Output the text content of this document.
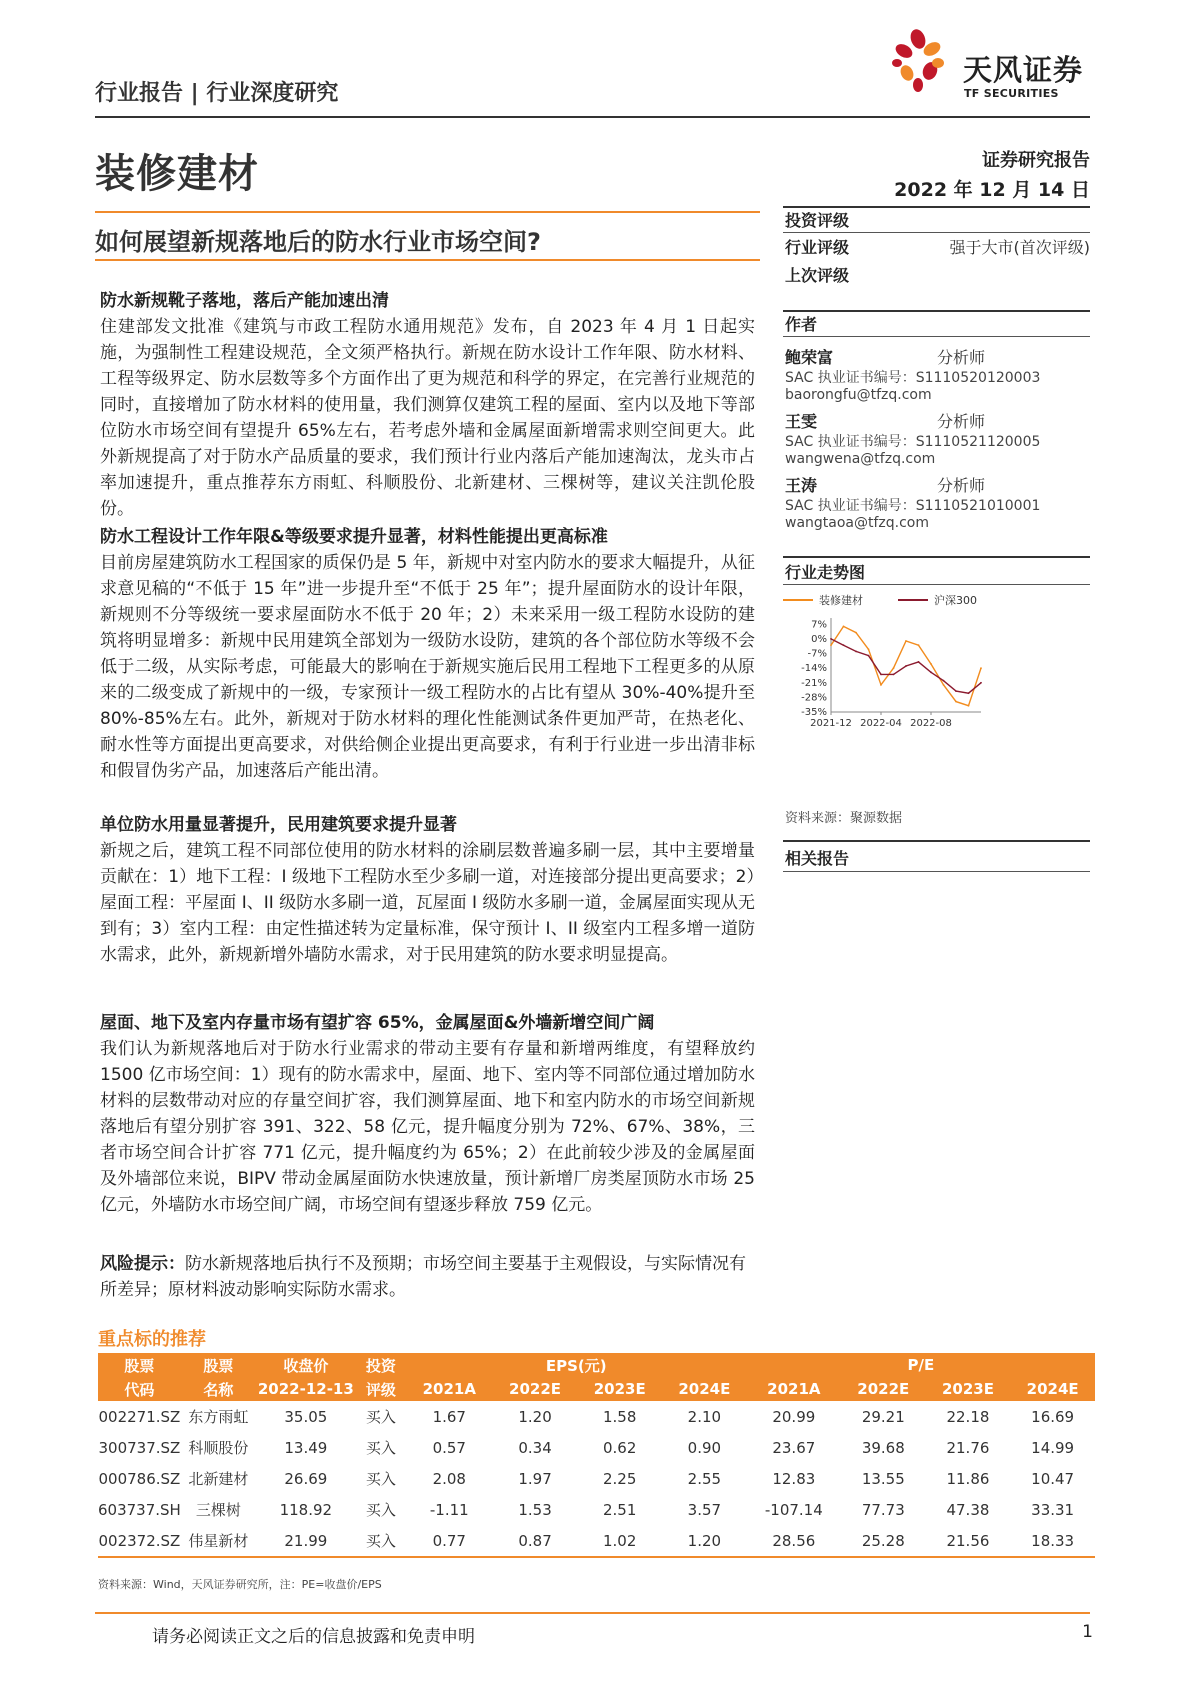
行业报告 | 行业深度研究
装修建材
天风证券
TF SECURITIES
证券研究报告
2022 年 12 月 14 日
如何展望新规落地后的防水行业市场空间?
投资评级
行业评级	强于大市(首次评级)
上次评级
作者
鲍荣富	分析师
SAC 执业证书编号：S1110520120003
baorongfu@tfzq.com
王雯	分析师
SAC 执业证书编号：S1110521120005
wangwena@tfzq.com
王涛	分析师
SAC 执业证书编号：S1110521010001
wangtaoa@tfzq.com
行业走势图
7%
0%
-7%
-14%
-21%
-28%
-35%
2021-12 2022-04 2022-08
装修建材	沪深300
资料来源：聚源数据
相关报告
防水新规靴子落地，落后产能加速出清
住建部发文批准《建筑与市政工程防水通用规范》发布，自 2023 年 4 月 1 日起实施，为强制性工程建设规范，全文须严格执行。新规在防水设计工作年限、防水材料、工程等级界定、防水层数等多个方面作出了更为规范和科学的界定，在完善行业规范的同时，直接增加了防水材料的使用量，我们测算仅建筑工程的屋面、室内以及地下等部位防水市场空间有望提升 65%左右，若考虑外墙和金属屋面新增需求则空间更大。此外新规提高了对于防水产品质量的要求，我们预计行业内落后产能加速淘汰，龙头市占率加速提升，重点推荐东方雨虹、科顺股份、北新建材、三棵树等，建议关注凯伦股份。
防水工程设计工作年限&等级要求提升显著，材料性能提出更高标准
目前房屋建筑防水工程国家的质保仍是 5 年，新规中对室内防水的要求大幅提升，从征求意见稿的“不低于 15 年”进一步提升至“不低于 25 年”；提升屋面防水的设计年限，新规则不分等级统一要求屋面防水不低于 20 年；2）未来采用一级工程防水设防的建筑将明显增多：新规中民用建筑全部划为一级防水设防，建筑的各个部位防水等级不会低于二级，从实际考虑，可能最大的影响在于新规实施后民用工程地下工程更多的从原来的二级变成了新规中的一级，专家预计一级工程防水的占比有望从 30%-40%提升至 80%-85%左右。此外，新规对于防水材料的理化性能测试条件更加严苛，在热老化、耐水性等方面提出更高要求，对供给侧企业提出更高要求，有利于行业进一步出清非标和假冒伪劣产品，加速落后产能出清。
单位防水用量显著提升，民用建筑要求提升显著
新规之后，建筑工程不同部位使用的防水材料的涂刷层数普遍多刷一层，其中主要增量贡献在：1）地下工程：I 级地下工程防水至少多刷一道，对连接部分提出更高要求；2）屋面工程：平屋面 I、II 级防水多刷一道，瓦屋面 I 级防水多刷一道，金属屋面实现从无到有；3）室内工程：由定性描述转为定量标准，保守预计 I、II 级室内工程多增一道防水需求，此外，新规新增外墙防水需求，对于民用建筑的防水要求明显提高。
屋面、地下及室内存量市场有望扩容 65%，金属屋面&外墙新增空间广阔
我们认为新规落地后对于防水行业需求的带动主要有存量和新增两维度，有望释放约 1500 亿市场空间：1）现有的防水需求中，屋面、地下、室内等不同部位通过增加防水材料的层数带动对应的存量空间扩容，我们测算屋面、地下和室内防水的市场空间新规落地后有望分别扩容 391、322、58 亿元，提升幅度分别为 72%、67%、38%，三者市场空间合计扩容 771 亿元，提升幅度约为 65%；2）在此前较少涉及的金属屋面及外墙部位来说，BIPV 带动金属屋面防水快速放量，预计新增厂房类屋顶防水市场 25 亿元，外墙防水市场空间广阔，市场空间有望逐步释放 759 亿元。
风险提示：防水新规落地后执行不及预期；市场空间主要基于主观假设，与实际情况有所差异；原材料波动影响实际防水需求。
重点标的推荐
股票	股票	收盘价	投资	EPS(元)				P/E			
代码	名称	2022-12-13	评级	2021A	2022E	2023E	2024E	2021A	2022E	2023E	2024E
002271.SZ	东方雨虹	35.05	买入	1.67	1.20	1.58	2.10	20.99	29.21	22.18	16.69
300737.SZ	科顺股份	13.49	买入	0.57	0.34	0.62	0.90	23.67	39.68	21.76	14.99
000786.SZ	北新建材	26.69	买入	2.08	1.97	2.25	2.55	12.83	13.55	11.86	10.47
603737.SH	三棵树	118.92	买入	-1.11	1.53	2.51	3.57	-107.14	77.73	47.38	33.31
002372.SZ	伟星新材	21.99	买入	0.77	0.87	1.02	1.20	28.56	25.28	21.56	18.33
资料来源：Wind，天风证券研究所，注：PE=收盘价/EPS
请务必阅读正文之后的信息披露和免责申明	1
